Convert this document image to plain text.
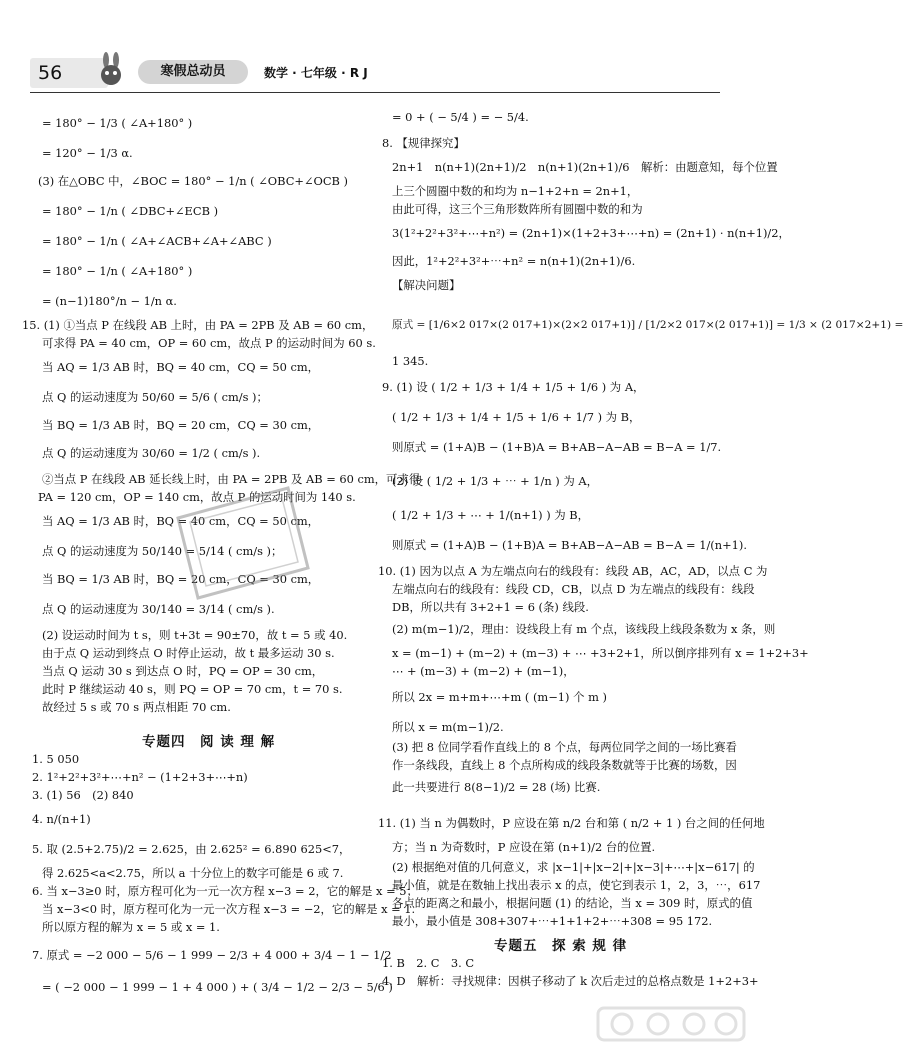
56	寒假总动员	数学 · 七年级 · R J
= 180° − 1/3 ( ∠A+180° )
= 120° − 1/3 α.
(3) 在△OBC 中，∠BOC = 180° − 1/n ( ∠OBC+∠OCB )
= 180° − 1/n ( ∠DBC+∠ECB )
= 180° − 1/n ( ∠A+∠ACB+∠A+∠ABC )
= 180° − 1/n ( ∠A+180° )
= (n−1)180°/n − 1/n α.
15. (1) ①当点 P 在线段 AB 上时，由 PA = 2PB 及 AB = 60 cm，
可求得 PA = 40 cm，OP = 60 cm，故点 P 的运动时间为 60 s.
当 AQ = 1/3 AB 时，BQ = 40 cm，CQ = 50 cm，
点 Q 的运动速度为 50/60 = 5/6 ( cm/s )；
当 BQ = 1/3 AB 时，BQ = 20 cm，CQ = 30 cm，
点 Q 的运动速度为 30/60 = 1/2 ( cm/s ).
②当点 P 在线段 AB 延长线上时，由 PA = 2PB 及 AB = 60 cm，可求得
PA = 120 cm，OP = 140 cm，故点 P 的运动时间为 140 s.
当 AQ = 1/3 AB 时，BQ = 40 cm，CQ = 50 cm，
点 Q 的运动速度为 50/140 = 5/14 ( cm/s )；
当 BQ = 1/3 AB 时，BQ = 20 cm，CQ = 30 cm，
点 Q 的运动速度为 30/140 = 3/14 ( cm/s ).
(2) 设运动时间为 t s，则 t+3t = 90±70，故 t = 5 或 40.
由于点 Q 运动到终点 O 时停止运动，故 t 最多运动 30 s.
当点 Q 运动 30 s 到达点 O 时，PQ = OP = 30 cm，
此时 P 继续运动 40 s，则 PQ = OP = 70 cm，t = 70 s.
故经过 5 s 或 70 s 两点相距 70 cm.
专题四　阅 读 理 解
1. 5 050
2. 1²+2²+3²+⋯+n² − (1+2+3+⋯+n)
3. (1) 56　(2) 840
4. n/(n+1)
5. 取 (2.5+2.75)/2 = 2.625，由 2.625² = 6.890 625<7，
得 2.625<a<2.75，所以 a 十分位上的数字可能是 6 或 7.
6. 当 x−3≥0 时，原方程可化为一元一次方程 x−3 = 2，它的解是 x = 5；
当 x−3<0 时，原方程可化为一元一次方程 x−3 = −2，它的解是 x = 1.
所以原方程的解为 x = 5 或 x = 1.
7. 原式 = −2 000 − 5/6 − 1 999 − 2/3 + 4 000 + 3/4 − 1 − 1/2
= ( −2 000 − 1 999 − 1 + 4 000 ) + ( 3/4 − 1/2 − 2/3 − 5/6 )
= 0 + ( − 5/4 ) = − 5/4.
8. 【规律探究】
2n+1　n(n+1)(2n+1)/2　n(n+1)(2n+1)/6　解析：由题意知，每个位置
上三个圆圈中数的和均为 n−1+2+n = 2n+1，
由此可得，这三个三角形数阵所有圆圈中数的和为
3(1²+2²+3²+⋯+n²) = (2n+1)×(1+2+3+⋯+n) = (2n+1) · n(n+1)/2，
因此，1²+2²+3²+⋯+n² = n(n+1)(2n+1)/6.
【解决问题】
原式 = [1/6×2 017×(2 017+1)×(2×2 017+1)] / [1/2×2 017×(2 017+1)] = 1/3 × (2 017×2+1) =
1 345.
9. (1) 设 ( 1/2 + 1/3 + 1/4 + 1/5 + 1/6 ) 为 A，
( 1/2 + 1/3 + 1/4 + 1/5 + 1/6 + 1/7 ) 为 B，
则原式 = (1+A)B − (1+B)A = B+AB−A−AB = B−A = 1/7.
(2) 设 ( 1/2 + 1/3 + ⋯ + 1/n ) 为 A，
( 1/2 + 1/3 + ⋯ + 1/(n+1) ) 为 B，
则原式 = (1+A)B − (1+B)A = B+AB−A−AB = B−A = 1/(n+1).
10. (1) 因为以点 A 为左端点向右的线段有：线段 AB，AC，AD，以点 C 为
左端点向右的线段有：线段 CD，CB，以点 D 为左端点的线段有：线段
DB，所以共有 3+2+1 = 6 (条) 线段.
(2) m(m−1)/2，理由：设线段上有 m 个点，该线段上线段条数为 x 条，则
x = (m−1) + (m−2) + (m−3) + ⋯ +3+2+1，所以倒序排列有 x = 1+2+3+
⋯ + (m−3) + (m−2) + (m−1)，
所以 2x = m+m+⋯+m ( (m−1) 个 m )
所以 x = m(m−1)/2.
(3) 把 8 位同学看作直线上的 8 个点，每两位同学之间的一场比赛看
作一条线段，直线上 8 个点所构成的线段条数就等于比赛的场数，因
此一共要进行 8(8−1)/2 = 28 (场) 比赛.
11. (1) 当 n 为偶数时，P 应设在第 n/2 台和第 ( n/2 + 1 ) 台之间的任何地
方；当 n 为奇数时，P 应设在第 (n+1)/2 台的位置.
(2) 根据绝对值的几何意义，求 |x−1|+|x−2|+|x−3|+⋯+|x−617| 的
最小值，就是在数轴上找出表示 x 的点，使它到表示 1，2，3，⋯，617
各点的距离之和最小，根据问题 (1) 的结论，当 x = 309 时，原式的值
最小，最小值是 308+307+⋯+1+1+2+⋯+308 = 95 172.
专题五　探 索 规 律
1. B　2. C　3. C
4. D　解析：寻找规律：因棋子移动了 k 次后走过的总格点数是 1+2+3+
